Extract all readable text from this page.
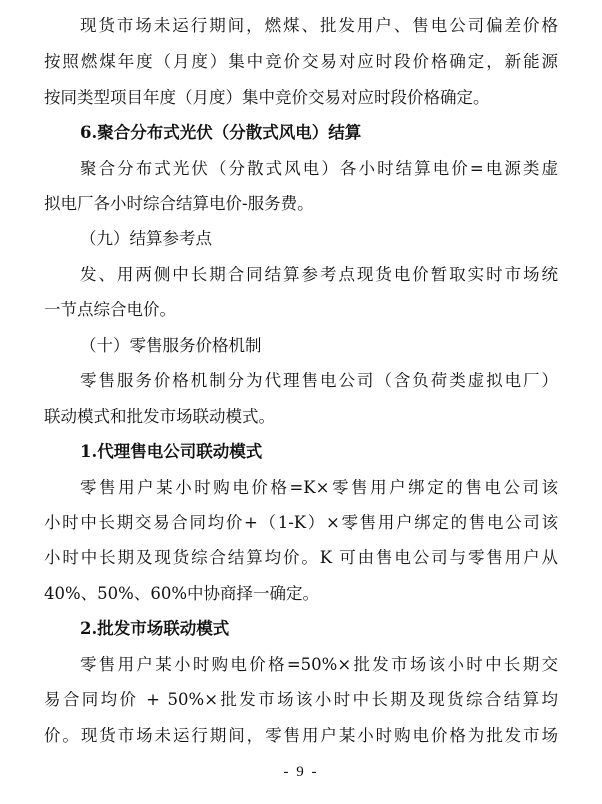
现货市场未运行期间，燃煤、批发用户、售电公司偏差价格
按照燃煤年度（月度）集中竞价交易对应时段价格确定，新能源
按同类型项目年度（月度）集中竞价交易对应时段价格确定。
6.聚合分布式光伏（分散式风电）结算
聚合分布式光伏（分散式风电）各小时结算电价=电源类虚
拟电厂各小时综合结算电价-服务费。
（九）结算参考点
发、用两侧中长期合同结算参考点现货电价暂取实时市场统
一节点综合电价。
（十）零售服务价格机制
零售服务价格机制分为代理售电公司（含负荷类虚拟电厂）
联动模式和批发市场联动模式。
1.代理售电公司联动模式
零售用户某小时购电价格=K×零售用户绑定的售电公司该
小时中长期交易合同均价+（1-K）×零售用户绑定的售电公司该
小时中长期及现货综合结算均价。K 可由售电公司与零售用户从
40%、50%、60%中协商择一确定。
2.批发市场联动模式
零售用户某小时购电价格=50%×批发市场该小时中长期交
易合同均价 + 50%×批发市场该小时中长期及现货综合结算均
价。现货市场未运行期间，零售用户某小时购电价格为批发市场
- 9 -
